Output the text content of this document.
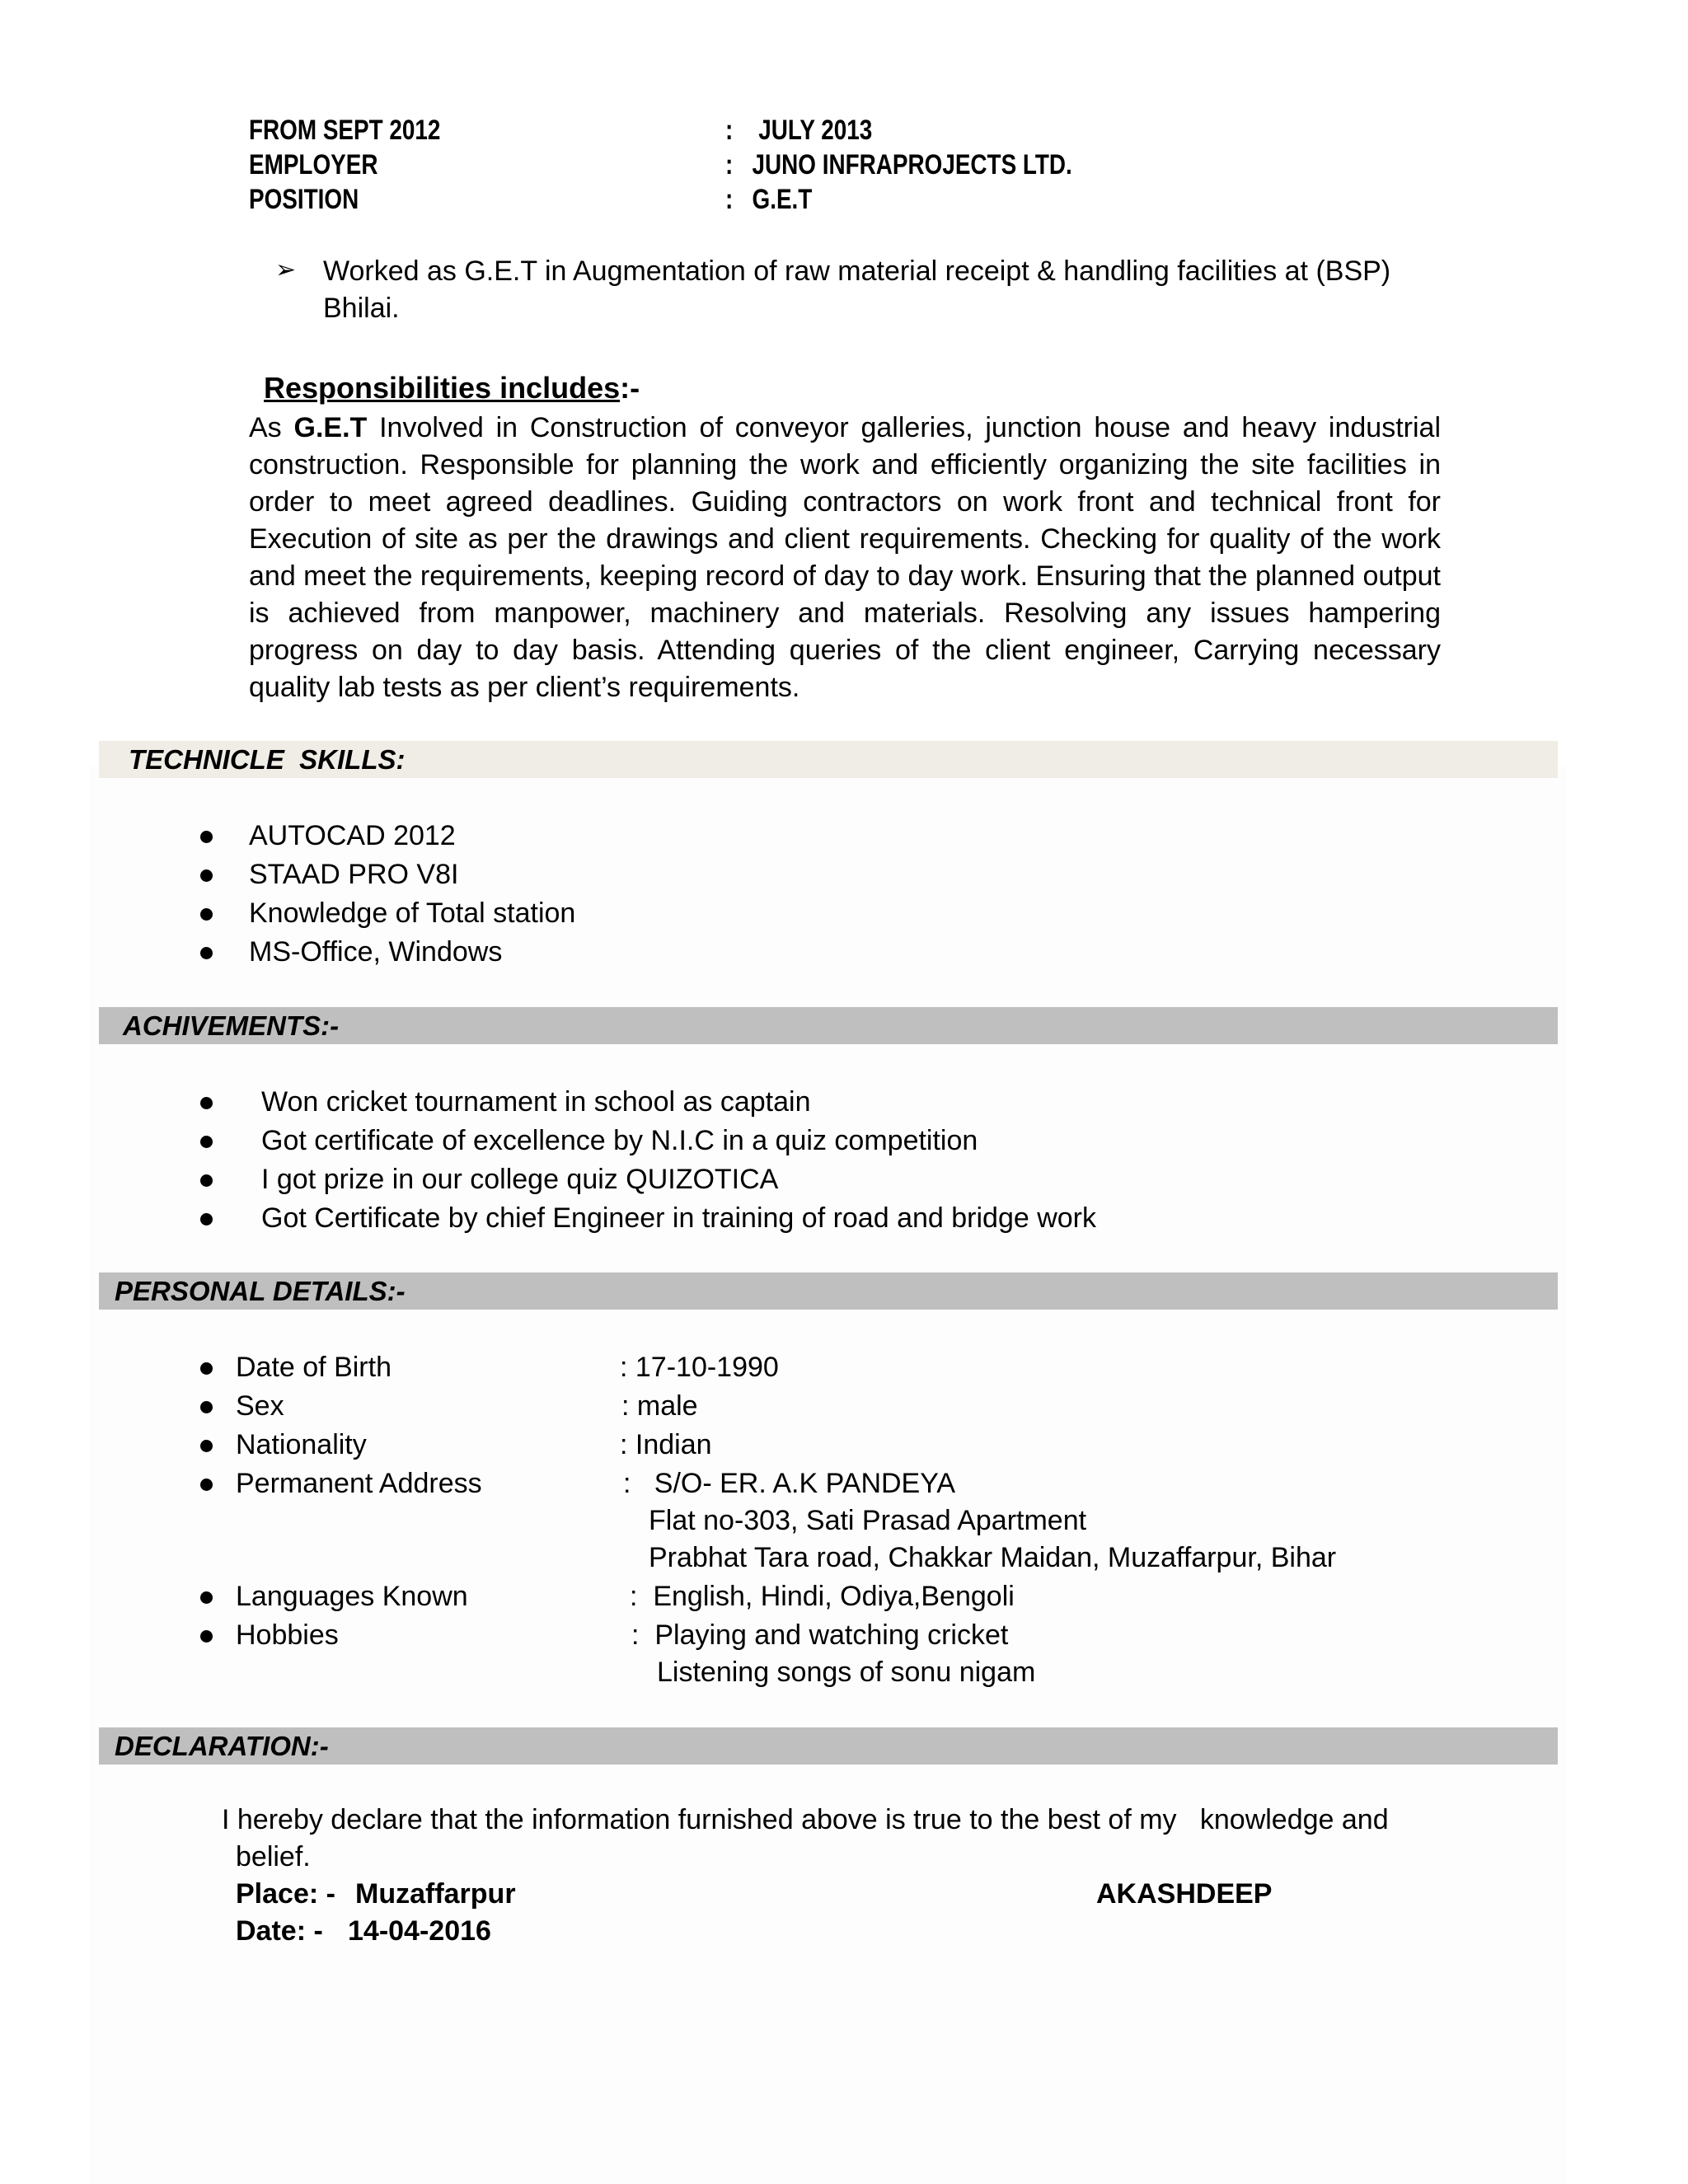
FROM SEPT 2012	:    JULY 2013
EMPLOYER	:   JUNO INFRAPROJECTS LTD.
POSITION	:   G.E.T
➢ Worked as G.E.T in Augmentation of raw material receipt & handling facilities at (BSP)
Bhilai.
Responsibilities includes:-
As G.E.T Involved in Construction of conveyor galleries, junction house and heavy industrial construction. Responsible for planning the work and efficiently organizing the site facilities in order to meet agreed deadlines. Guiding contractors on work front and technical front for Execution of site as per the drawings and client requirements. Checking for quality of the work and meet the requirements, keeping record of day to day work. Ensuring that the planned output is achieved from manpower, machinery and materials. Resolving any issues hampering progress on day to day basis. Attending queries of the client engineer, Carrying necessary quality lab tests as per client’s requirements.
TECHNICLE  SKILLS:
AUTOCAD 2012
STAAD PRO V8I
Knowledge of Total station
MS-Office, Windows
ACHIVEMENTS:-
Won cricket tournament in school as captain
Got certificate of excellence by N.I.C in a quiz competition
I got prize in our college quiz QUIZOTICA
Got Certificate by chief Engineer in training of road and bridge work
PERSONAL DETAILS:-
Date of Birth	: 17-10-1990
Sex	: male
Nationality	: Indian
Permanent Address	:   S/O- ER. A.K PANDEYA
Flat no-303, Sati Prasad Apartment
Prabhat Tara road, Chakkar Maidan, Muzaffarpur, Bihar
Languages Known	:  English, Hindi, Odiya,Bengoli
Hobbies	:  Playing and watching cricket
Listening songs of sonu nigam
DECLARATION:-
I hereby declare that the information furnished above is true to the best of my   knowledge and
belief.
Place: - Muzaffarpur
Date: - 14-04-2016
AKASHDEEP
